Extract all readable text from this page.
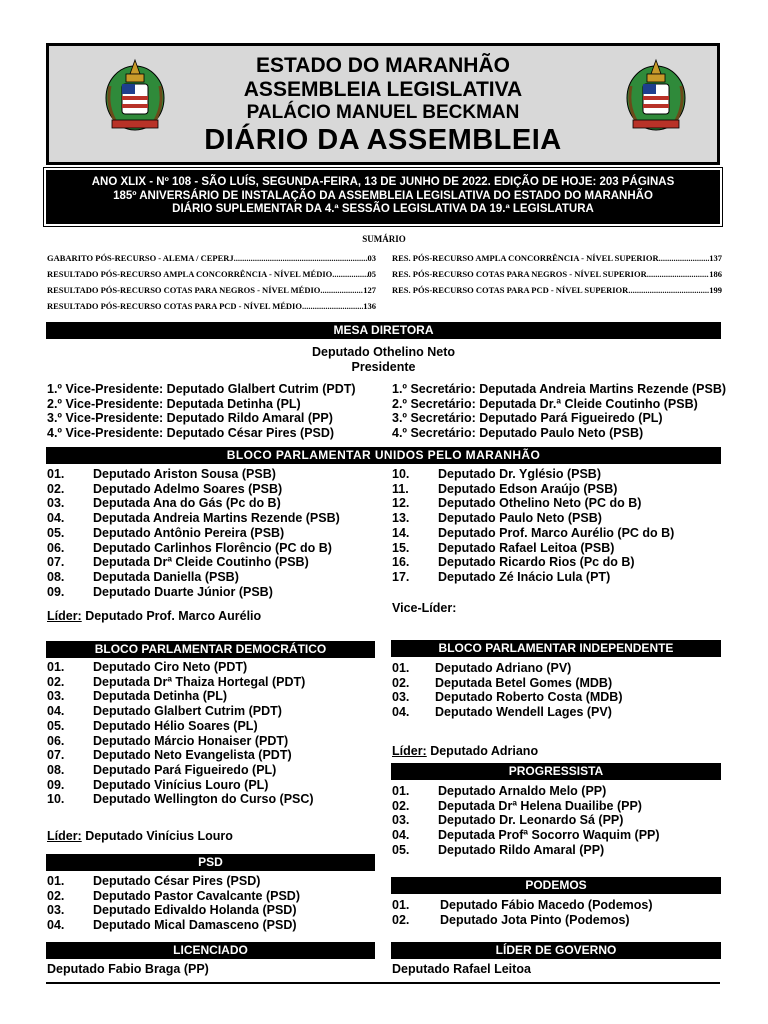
ESTADO DO MARANHÃO
ASSEMBLEIA LEGISLATIVA
PALÁCIO MANUEL BECKMAN
DIÁRIO DA ASSEMBLEIA
ANO XLIX - Nº 108 - SÃO LUÍS, SEGUNDA-FEIRA, 13 DE JUNHO DE 2022. EDIÇÃO DE HOJE: 203 PÁGINAS
185º ANIVERSÁRIO DE INSTALAÇÃO DA ASSEMBLEIA LEGISLATIVA DO ESTADO DO MARANHÃO
DIÁRIO SUPLEMENTAR DA 4.ª SESSÃO LEGISLATIVA DA 19.ª LEGISLATURA
SUMÁRIO
GABARITO PÓS-RECURSO - ALEMA / CEPERJ .....	03
RESULTADO PÓS-RECURSO AMPLA CONCORRÊNCIA - NÍVEL MÉDIO .....	05
RESULTADO PÓS-RECURSO COTAS PARA NEGROS - NÍVEL MÉDIO .....	127
RESULTADO PÓS-RECURSO COTAS PARA PCD - NÍVEL MÉDIO .....	136
RES. PÓS-RECURSO AMPLA CONCORRÊNCIA - NÍVEL SUPERIOR .....	137
RES. PÓS-RECURSO COTAS PARA NEGROS - NÍVEL SUPERIOR .....	186
RES. PÓS-RECURSO COTAS PARA PCD - NÍVEL SUPERIOR .....	199
MESA DIRETORA
Deputado Othelino Neto
Presidente
1.º Vice-Presidente: Deputado Glalbert Cutrim (PDT)
2.º Vice-Presidente: Deputada Detinha (PL)
3.º Vice-Presidente: Deputado Rildo Amaral (PP)
4.º Vice-Presidente: Deputado César Pires (PSD)
1.º Secretário: Deputada Andreia Martins Rezende (PSB)
2.º Secretário: Deputada Dr.ª Cleide Coutinho (PSB)
3.º Secretário: Deputado Pará Figueiredo (PL)
4.º Secretário: Deputado Paulo Neto (PSB)
BLOCO PARLAMENTAR UNIDOS PELO MARANHÃO
01. Deputado Ariston Sousa (PSB)
02. Deputado Adelmo Soares (PSB)
03. Deputada Ana do Gás (Pc do B)
04. Deputada Andreia Martins Rezende (PSB)
05. Deputado Antônio Pereira (PSB)
06. Deputado Carlinhos Florêncio (PC do B)
07. Deputada Drª Cleide Coutinho (PSB)
08. Deputada Daniella (PSB)
09. Deputado Duarte Júnior (PSB)
10. Deputado Dr. Yglésio (PSB)
11. Deputado Edson Araújo (PSB)
12. Deputado Othelino Neto (PC do B)
13. Deputado Paulo Neto (PSB)
14. Deputado Prof. Marco Aurélio (PC do B)
15. Deputado Rafael Leitoa (PSB)
16. Deputado Ricardo Rios (Pc do B)
17. Deputado Zé Inácio Lula (PT)
Líder: Deputado Prof. Marco Aurélio
Vice-Líder:
BLOCO PARLAMENTAR DEMOCRÁTICO
01. Deputado Ciro Neto (PDT)
02. Deputada Drª Thaiza Hortegal (PDT)
03. Deputada Detinha (PL)
04. Deputado Glalbert Cutrim (PDT)
05. Deputado Hélio Soares (PL)
06. Deputado Márcio Honaiser (PDT)
07. Deputado Neto Evangelista (PDT)
08. Deputado Pará Figueiredo (PL)
09. Deputado Vinícius Louro (PL)
10. Deputado Wellington do Curso (PSC)
Líder: Deputado Vinícius Louro
BLOCO PARLAMENTAR INDEPENDENTE
01. Deputado Adriano (PV)
02. Deputada Betel Gomes (MDB)
03. Deputado Roberto Costa (MDB)
04. Deputado Wendell Lages (PV)
Líder: Deputado Adriano
PROGRESSISTA
01. Deputado Arnaldo Melo (PP)
02. Deputada Drª Helena Duailibe (PP)
03. Deputado Dr. Leonardo Sá (PP)
04. Deputada Profª Socorro Waquim (PP)
05. Deputado Rildo Amaral (PP)
PSD
01. Deputado César Pires (PSD)
02. Deputado Pastor Cavalcante (PSD)
03. Deputado Edivaldo Holanda (PSD)
04. Deputado Mical Damasceno (PSD)
PODEMOS
01. Deputado Fábio Macedo (Podemos)
02. Deputado Jota Pinto (Podemos)
LICENCIADO
Deputado Fabio Braga (PP)
LÍDER DE GOVERNO
Deputado Rafael Leitoa
